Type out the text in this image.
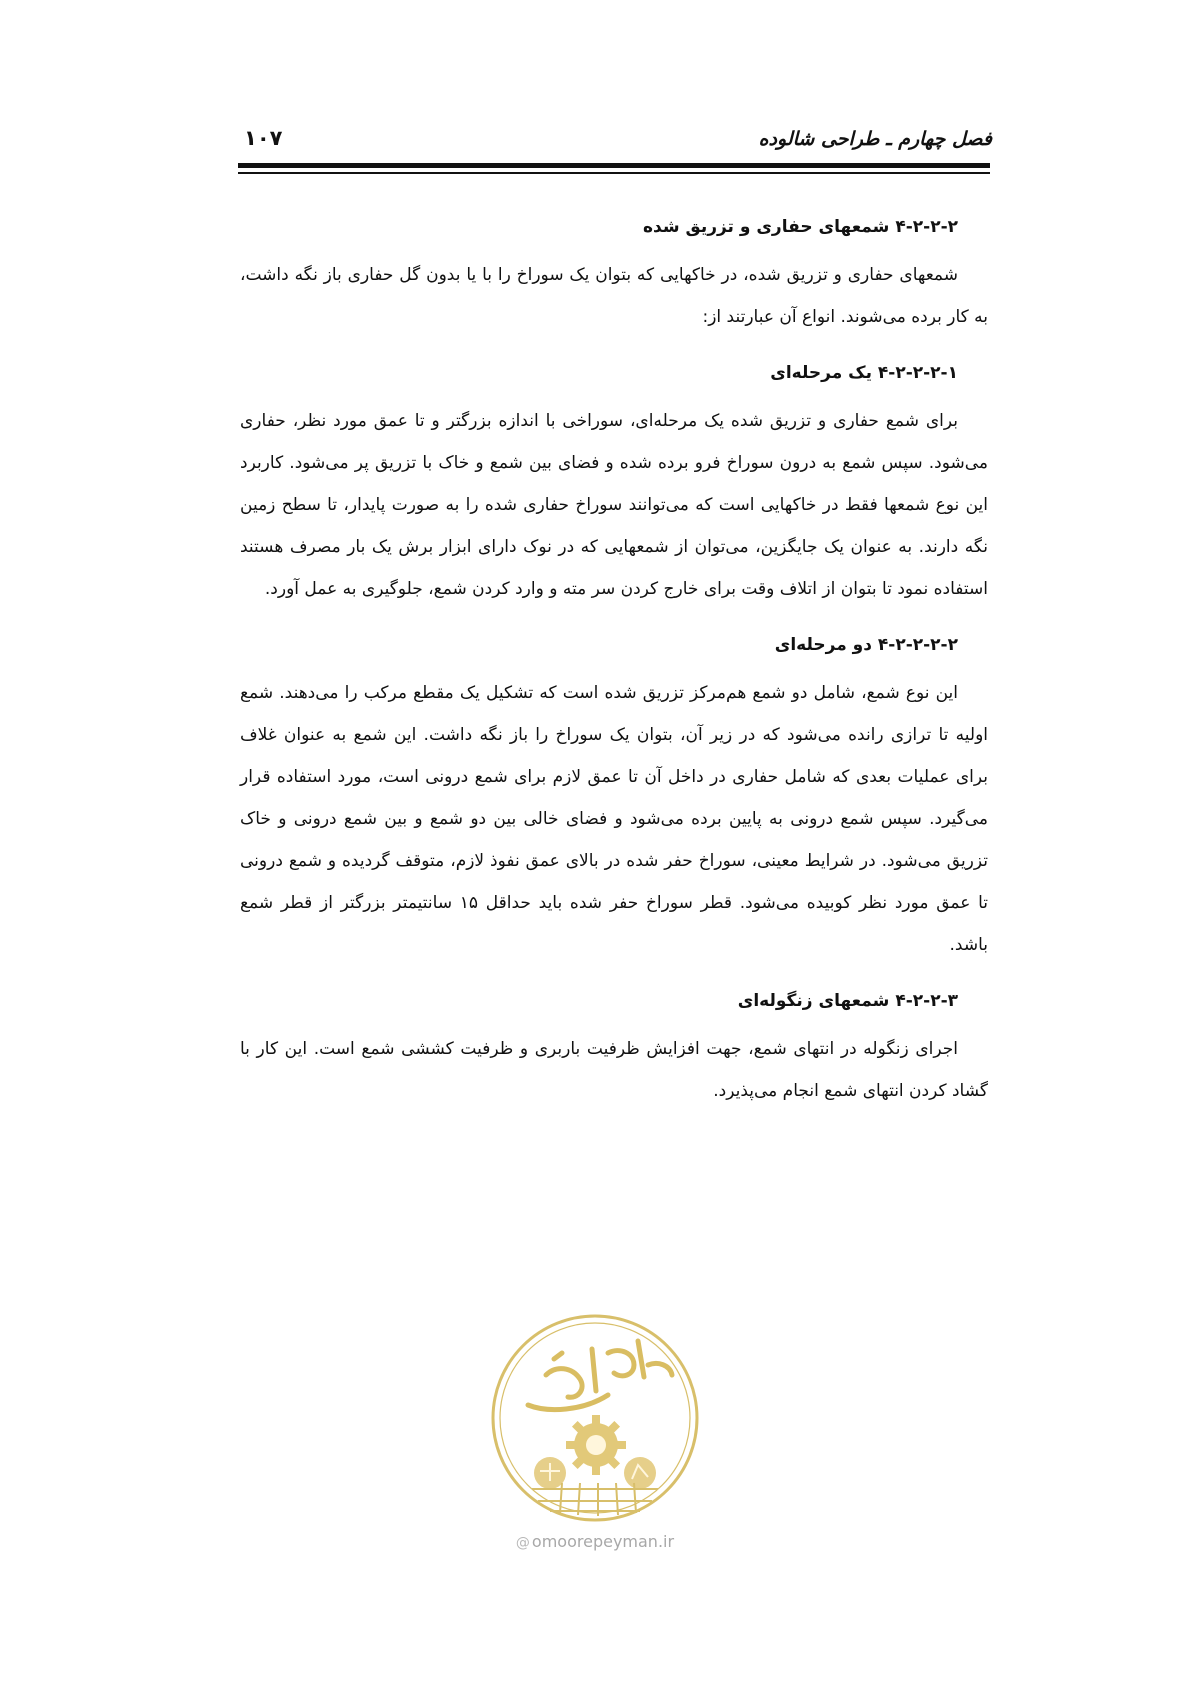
فصل چهارم ـ طراحی شالوده
۱۰۷
۴-۲-۲-۲ شمعهای حفاری و تزریق شده

شمعهای حفاری و تزریق شده، در خاکهایی که بتوان یک سوراخ را با یا بدون گل حفاری باز نگه داشت، به کار برده می‌شوند. انواع آن عبارتند از:

۴-۲-۲-۲-۱ یک مرحله‌ای

برای شمع حفاری و تزریق شده یک مرحله‌ای، سوراخی با اندازه بزرگتر و تا عمق مورد نظر، حفاری می‌شود. سپس شمع به درون سوراخ فرو برده شده و فضای بین شمع و خاک با تزریق پر می‌شود. کاربرد این نوع شمعها فقط در خاکهایی است که می‌توانند سوراخ حفاری شده را به صورت پایدار، تا سطح زمین نگه دارند. به عنوان یک جایگزین، می‌توان از شمعهایی که در نوک دارای ابزار برش یک بار مصرف هستند استفاده نمود تا بتوان از اتلاف وقت برای خارج کردن سر مته و وارد کردن شمع، جلوگیری به عمل آورد.

۴-۲-۲-۲-۲ دو مرحله‌ای

این نوع شمع، شامل دو شمع هم‌مرکز تزریق شده است که تشکیل یک مقطع مرکب را می‌دهند. شمع اولیه تا ترازی رانده می‌شود که در زیر آن، بتوان یک سوراخ را باز نگه داشت. این شمع به عنوان غلاف برای عملیات بعدی که شامل حفاری در داخل آن تا عمق لازم برای شمع درونی است، مورد استفاده قرار می‌گیرد. سپس شمع درونی به پایین برده می‌شود و فضای خالی بین دو شمع و بین شمع درونی و خاک تزریق می‌شود. در شرایط معینی، سوراخ حفر شده در بالای عمق نفوذ لازم، متوقف گردیده و شمع درونی تا عمق مورد نظر کوبیده می‌شود. قطر سوراخ حفر شده باید حداقل ۱۵ سانتیمتر بزرگتر از قطر شمع باشد.

۴-۲-۲-۳ شمعهای زنگوله‌ای

اجرای زنگوله در انتهای شمع، جهت افزایش ظرفیت باربری و ظرفیت کششی شمع است. این کار با گشاد کردن انتهای شمع انجام می‌پذیرد.

@ omoorepeyman.ir
